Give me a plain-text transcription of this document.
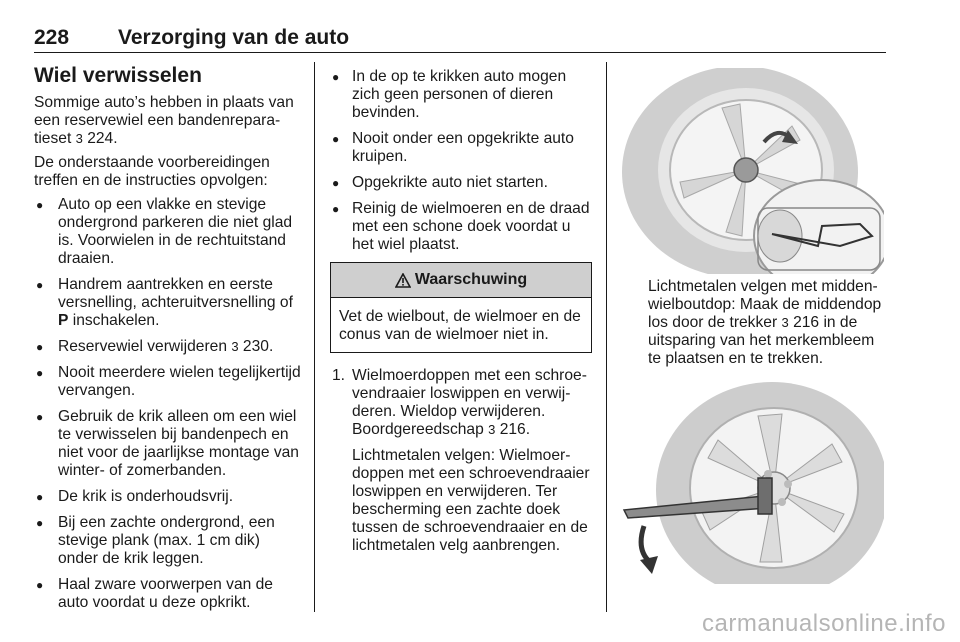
228 Verzorging van de auto
Wiel verwisselen

Sommige auto’s hebben in plaats van een reservewiel een bandenreparatieset 3 224.

De onderstaande voorbereidingen treffen en de instructies opvolgen:

● Auto op een vlakke en stevige ondergrond parkeren die niet glad is. Voorwielen in de rechtuitstand draaien.
● Handrem aantrekken en eerste versnelling, achteruitversnelling of P inschakelen.
● Reservewiel verwijderen 3 230.
● Nooit meerdere wielen tegelijkertijd vervangen.
● Gebruik de krik alleen om een wiel te verwisselen bij bandenpech en niet voor de jaarlijkse montage van winter- of zomerbanden.
● De krik is onderhoudsvrij.
● Bij een zachte ondergrond, een stevige plank (max. 1 cm dik) onder de krik leggen.
● Haal zware voorwerpen van de auto voordat u deze opkrikt.
● In de op te krikken auto mogen zich geen personen of dieren bevinden.
● Nooit onder een opgekrikte auto kruipen.
● Opgekrikte auto niet starten.
● Reinig de wielmoeren en de draad met een schone doek voordat u het wiel plaatst.
Waarschuwing
Vet de wielbout, de wielmoer en de conus van de wielmoer niet in.
1. Wielmoerdoppen met een schroevendraaier loswippen en verwijderen. Wieldop verwijderen. Boordgereedschap 3 216.

Lichtmetalen velgen: Wielmoerdoppen met een schroevendraaier loswippen en verwijderen. Ter bescherming een zachte doek tussen de schroevendraaier en de lichtmetalen velg aanbrengen.

Lichtmetalen velgen met middenwielboutdop: Maak de middendop los door de trekker 3 216 in de uitsparing van het merkembleem te plaatsen en te trekken.
carmanualsonline.info
